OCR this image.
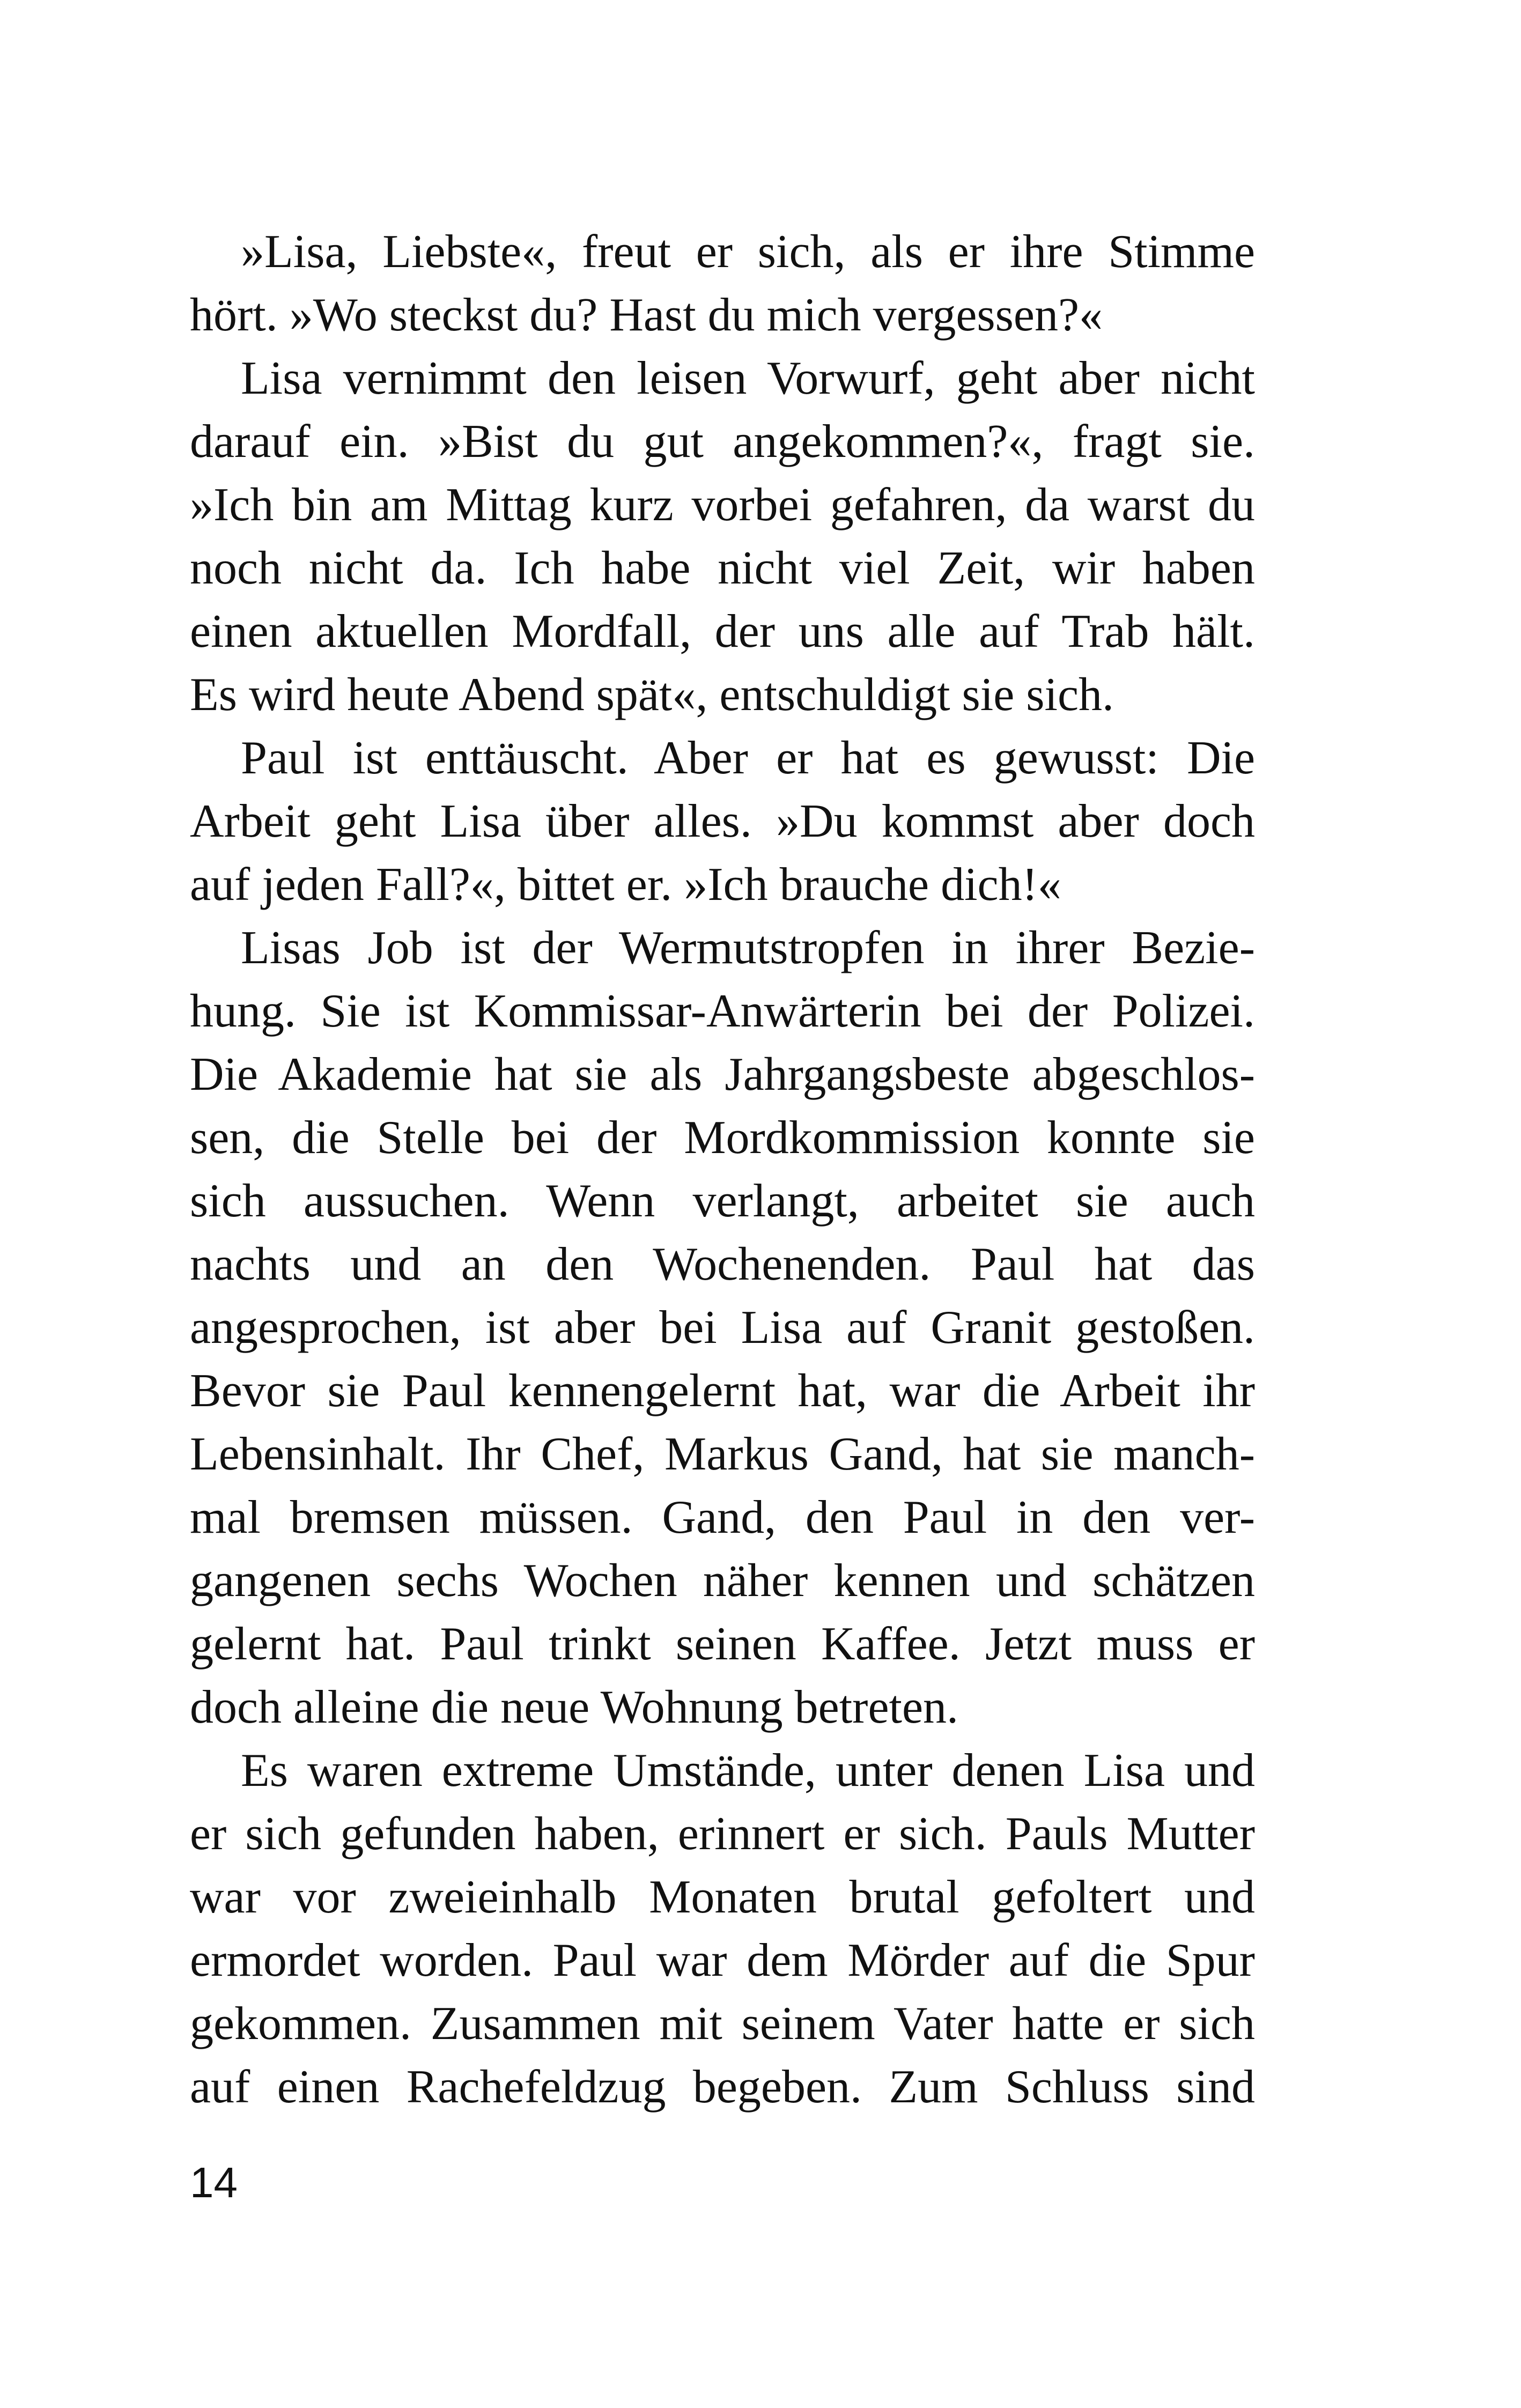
»Lisa, Liebste«, freut er sich, als er ihre Stimme
hört. »Wo steckst du? Hast du mich vergessen?«
Lisa vernimmt den leisen Vorwurf, geht aber nicht
darauf ein. »Bist du gut angekommen?«, fragt sie.
»Ich bin am Mittag kurz vorbei gefahren, da warst du
noch nicht da. Ich habe nicht viel Zeit, wir haben
einen aktuellen Mordfall, der uns alle auf Trab hält.
Es wird heute Abend spät«, entschuldigt sie sich.
Paul ist enttäuscht. Aber er hat es gewusst: Die
Arbeit geht Lisa über alles. »Du kommst aber doch
auf jeden Fall?«, bittet er. »Ich brauche dich!«
Lisas Job ist der Wermutstropfen in ihrer Bezie-
hung. Sie ist Kommissar-Anwärterin bei der Polizei.
Die Akademie hat sie als Jahrgangsbeste abgeschlos-
sen, die Stelle bei der Mordkommission konnte sie
sich aussuchen. Wenn verlangt, arbeitet sie auch
nachts und an den Wochenenden. Paul hat das
angesprochen, ist aber bei Lisa auf Granit gestoßen.
Bevor sie Paul kennengelernt hat, war die Arbeit ihr
Lebensinhalt. Ihr Chef, Markus Gand, hat sie manch-
mal bremsen müssen. Gand, den Paul in den ver-
gangenen sechs Wochen näher kennen und schätzen
gelernt hat. Paul trinkt seinen Kaffee. Jetzt muss er
doch alleine die neue Wohnung betreten.
Es waren extreme Umstände, unter denen Lisa und
er sich gefunden haben, erinnert er sich. Pauls Mutter
war vor zweieinhalb Monaten brutal gefoltert und
ermordet worden. Paul war dem Mörder auf die Spur
gekommen. Zusammen mit seinem Vater hatte er sich
auf einen Rachefeldzug begeben. Zum Schluss sind
14
